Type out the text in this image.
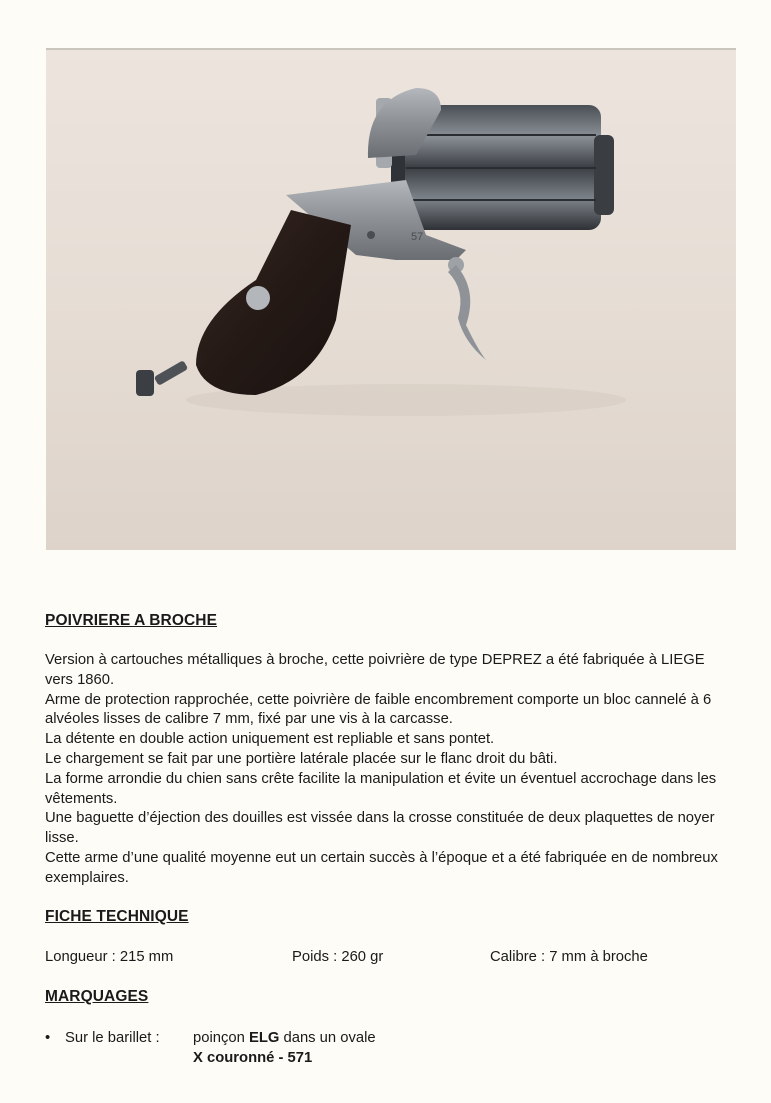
57
POIVRIERE A BROCHE

Version à cartouches métalliques à broche, cette poivrière de type DEPREZ a été fabriquée à LIEGE vers 1860.

Arme de protection rapprochée, cette poivrière de faible encombrement comporte un bloc cannelé à 6 alvéoles lisses de calibre 7 mm, fixé par une vis à la carcasse.

La détente en double action uniquement est repliable et sans pontet.

Le chargement se fait par une portière latérale placée sur le flanc droit du bâti.

La forme arrondie du chien sans crête facilite la manipulation et évite un éventuel accrochage dans les vêtements.

Une baguette d’éjection des douilles est vissée dans la crosse constituée de deux plaquettes de noyer lisse.

Cette arme d’une qualité moyenne eut un certain succès à l’époque et a été fabriquée en de nombreux exemplaires.

FICHE TECHNIQUE
Longueur : 215 mm	Poids : 260 gr	Calibre : 7 mm à broche
MARQUAGES
• Sur le barillet : poinçon ELG dans un ovale
X couronné - 571
